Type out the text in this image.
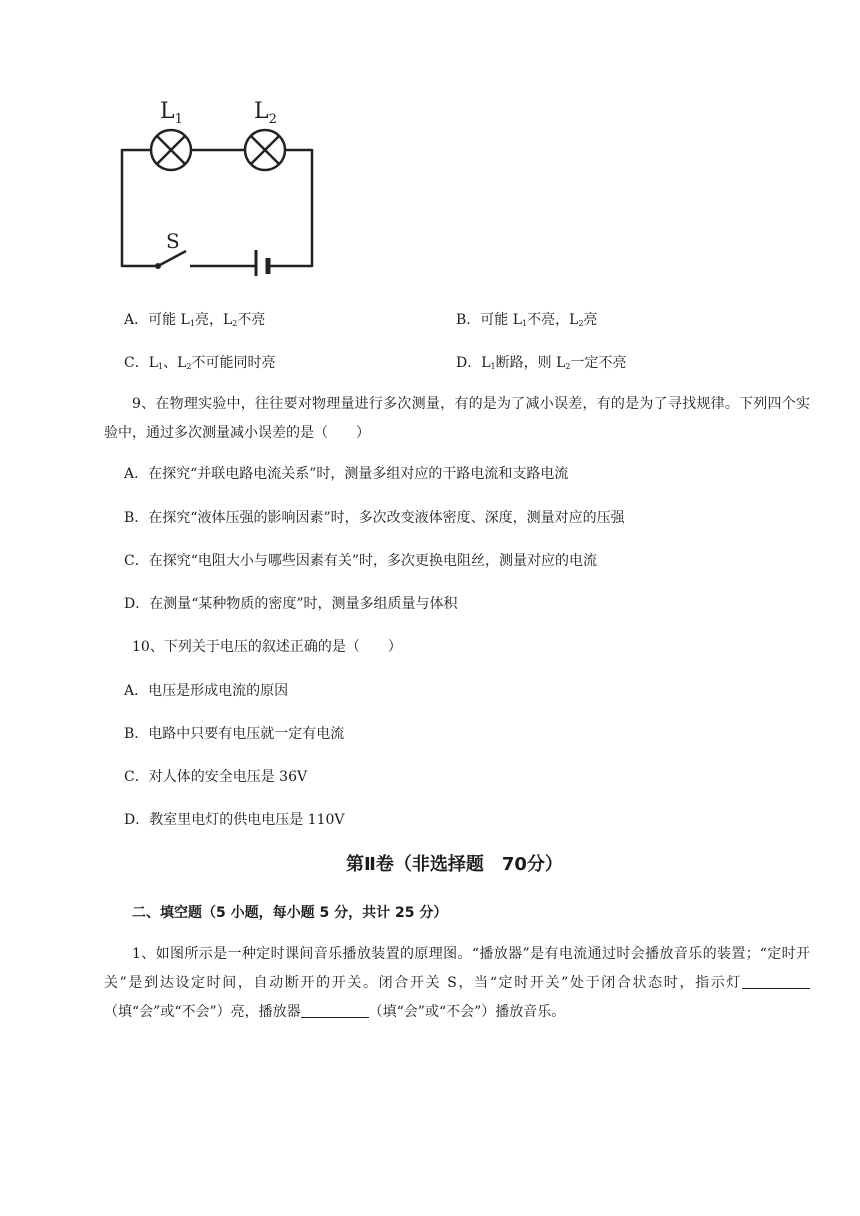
$L_1$	$L_2$
S
A．可能 $L_1$亮，$L_2$不亮	B．可能 $L_1$不亮，$L_2$亮
C．$L_1$、$L_2$不可能同时亮	D．$L_1$断路，则 $L_2$一定不亮
9、在物理实验中，往往要对物理量进行多次测量，有的是为了减小误差，有的是为了寻找规律。下列四个实验中，通过多次测量减小误差的是（　　）
A．在探究“并联电路电流关系”时，测量多组对应的干路电流和支路电流
B．在探究“液体压强的影响因素”时，多次改变液体密度、深度，测量对应的压强
C．在探究“电阻大小与哪些因素有关”时，多次更换电阻丝，测量对应的电流
D．在测量“某种物质的密度”时，测量多组质量与体积
10、下列关于电压的叙述正确的是（　　）
A．电压是形成电流的原因
B．电路中只要有电压就一定有电流
C．对人体的安全电压是 36V
D．教室里电灯的供电电压是 110V
第Ⅱ卷（非选择题　70分）
二、填空题（5 小题，每小题 5 分，共计 25 分）
1、如图所示是一种定时课间音乐播放装置的原理图。“播放器”是有电流通过时会播放音乐的装置；“定时开关”是到达设定时间，自动断开的开关。闭合开关 S，当“定时开关”处于闭合状态时，指示灯（填“会”或“不会”）亮，播放器	（填“会”或“不会”）播放音乐。
